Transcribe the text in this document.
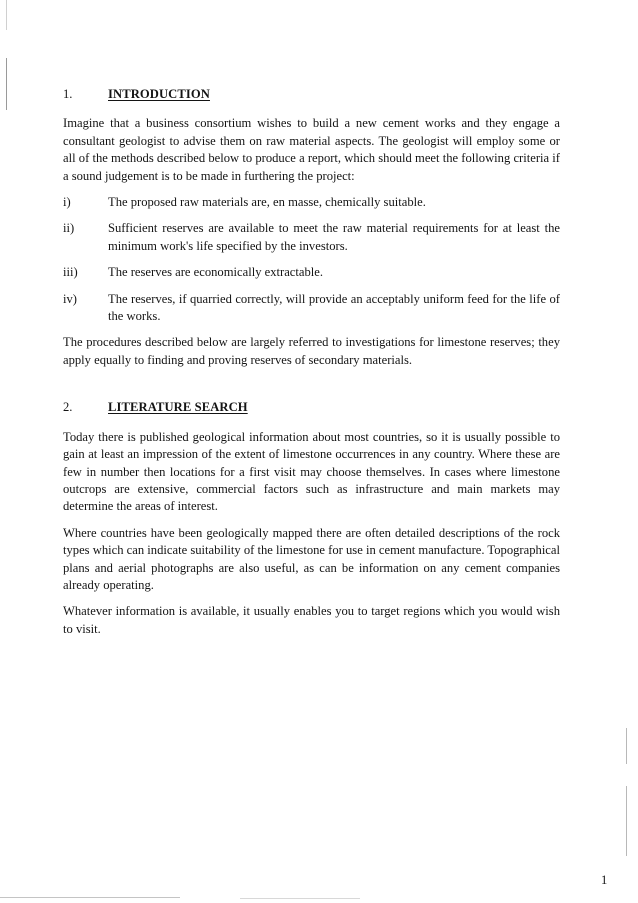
1.	INTRODUCTION

Imagine that a business consortium wishes to build a new cement works and they engage a consultant geologist to advise them on raw material aspects. The geologist will employ some or all of the methods described below to produce a report, which should meet the following criteria if a sound judgement is to be made in furthering the project:

i)	The proposed raw materials are, en masse, chemically suitable.
ii)	Sufficient reserves are available to meet the raw material requirements for at least the minimum work's life specified by the investors.
iii)	The reserves are economically extractable.
iv)	The reserves, if quarried correctly, will provide an acceptably uniform feed for the life of the works.

The procedures described below are largely referred to investigations for limestone reserves; they apply equally to finding and proving reserves of secondary materials.

2.	LITERATURE SEARCH

Today there is published geological information about most countries, so it is usually possible to gain at least an impression of the extent of limestone occurrences in any country. Where these are few in number then locations for a first visit may choose themselves. In cases where limestone outcrops are extensive, commercial factors such as infrastructure and main markets may determine the areas of interest.

Where countries have been geologically mapped there are often detailed descriptions of the rock types which can indicate suitability of the limestone for use in cement manufacture. Topographical plans and aerial photographs are also useful, as can be information on any cement companies already operating.

Whatever information is available, it usually enables you to target regions which you would wish to visit.

1
